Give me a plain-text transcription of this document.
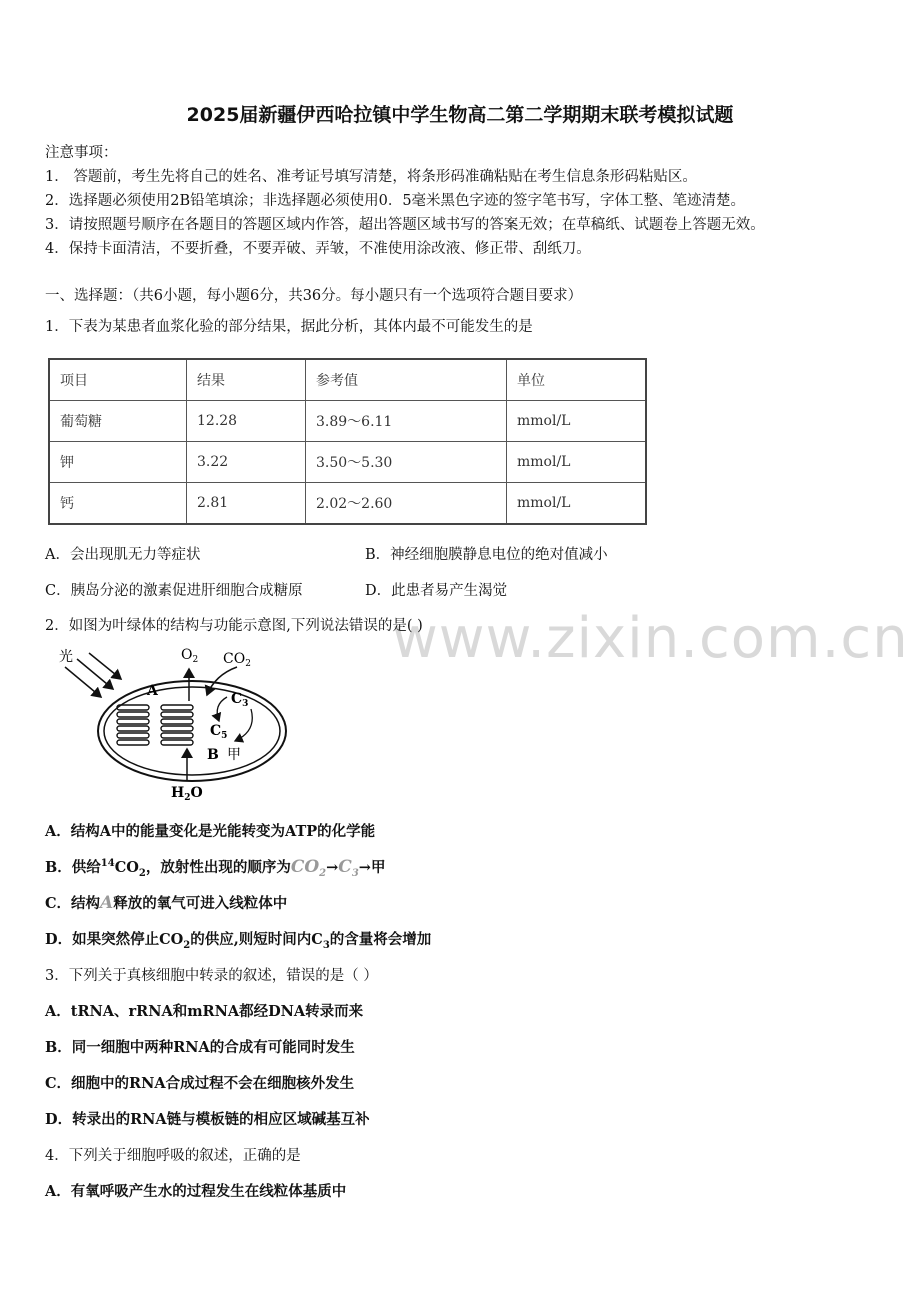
2025届新疆伊西哈拉镇中学生物高二第二学期期末联考模拟试题
注意事项：
1． 答题前，考生先将自己的姓名、准考证号填写清楚，将条形码准确粘贴在考生信息条形码粘贴区。
2．选择题必须使用2B铅笔填涂；非选择题必须使用0．5毫米黑色字迹的签字笔书写，字体工整、笔迹清楚。
3．请按照题号顺序在各题目的答题区域内作答，超出答题区域书写的答案无效；在草稿纸、试题卷上答题无效。
4．保持卡面清洁，不要折叠，不要弄破、弄皱，不准使用涂改液、修正带、刮纸刀。
一、选择题：（共6小题，每小题6分，共36分。每小题只有一个选项符合题目要求）
1．下表为某患者血浆化验的部分结果，据此分析，其体内最不可能发生的是
项目	结果	参考值	单位
葡萄糖	12.28	3.89～6.11	mmol/L
钾	3.22	3.50～5.30	mmol/L
钙	2.81	2.02～2.60	mmol/L
A．会出现肌无力等症状	B．神经细胞膜静息电位的绝对值减小
C．胰岛分泌的激素促进肝细胞合成糖原	D．此患者易产生渴觉
www.zixin.com.cn
2．如图为叶绿体的结构与功能示意图,下列说法错误的是( )
光
A
$O_2$ $CO_2$
$C_3$
$C_5$
B 甲
$H_2O$
A．结构A中的能量变化是光能转变为ATP的化学能
B．供给$^{14}CO_2$，放射性出现的顺序为$CO_2\to C_3\to$甲
C．结构A释放的氧气可进入线粒体中
D．如果突然停止$CO_2$的供应,则短时间内$C_3$的含量将会增加
3．下列关于真核细胞中转录的叙述，错误的是（ ）
A．tRNA、rRNA和mRNA都经DNA转录而来
B．同一细胞中两种RNA的合成有可能同时发生
C．细胞中的RNA合成过程不会在细胞核外发生
D．转录出的RNA链与模板链的相应区域碱基互补
4．下列关于细胞呼吸的叙述，正确的是
A．有氧呼吸产生水的过程发生在线粒体基质中
